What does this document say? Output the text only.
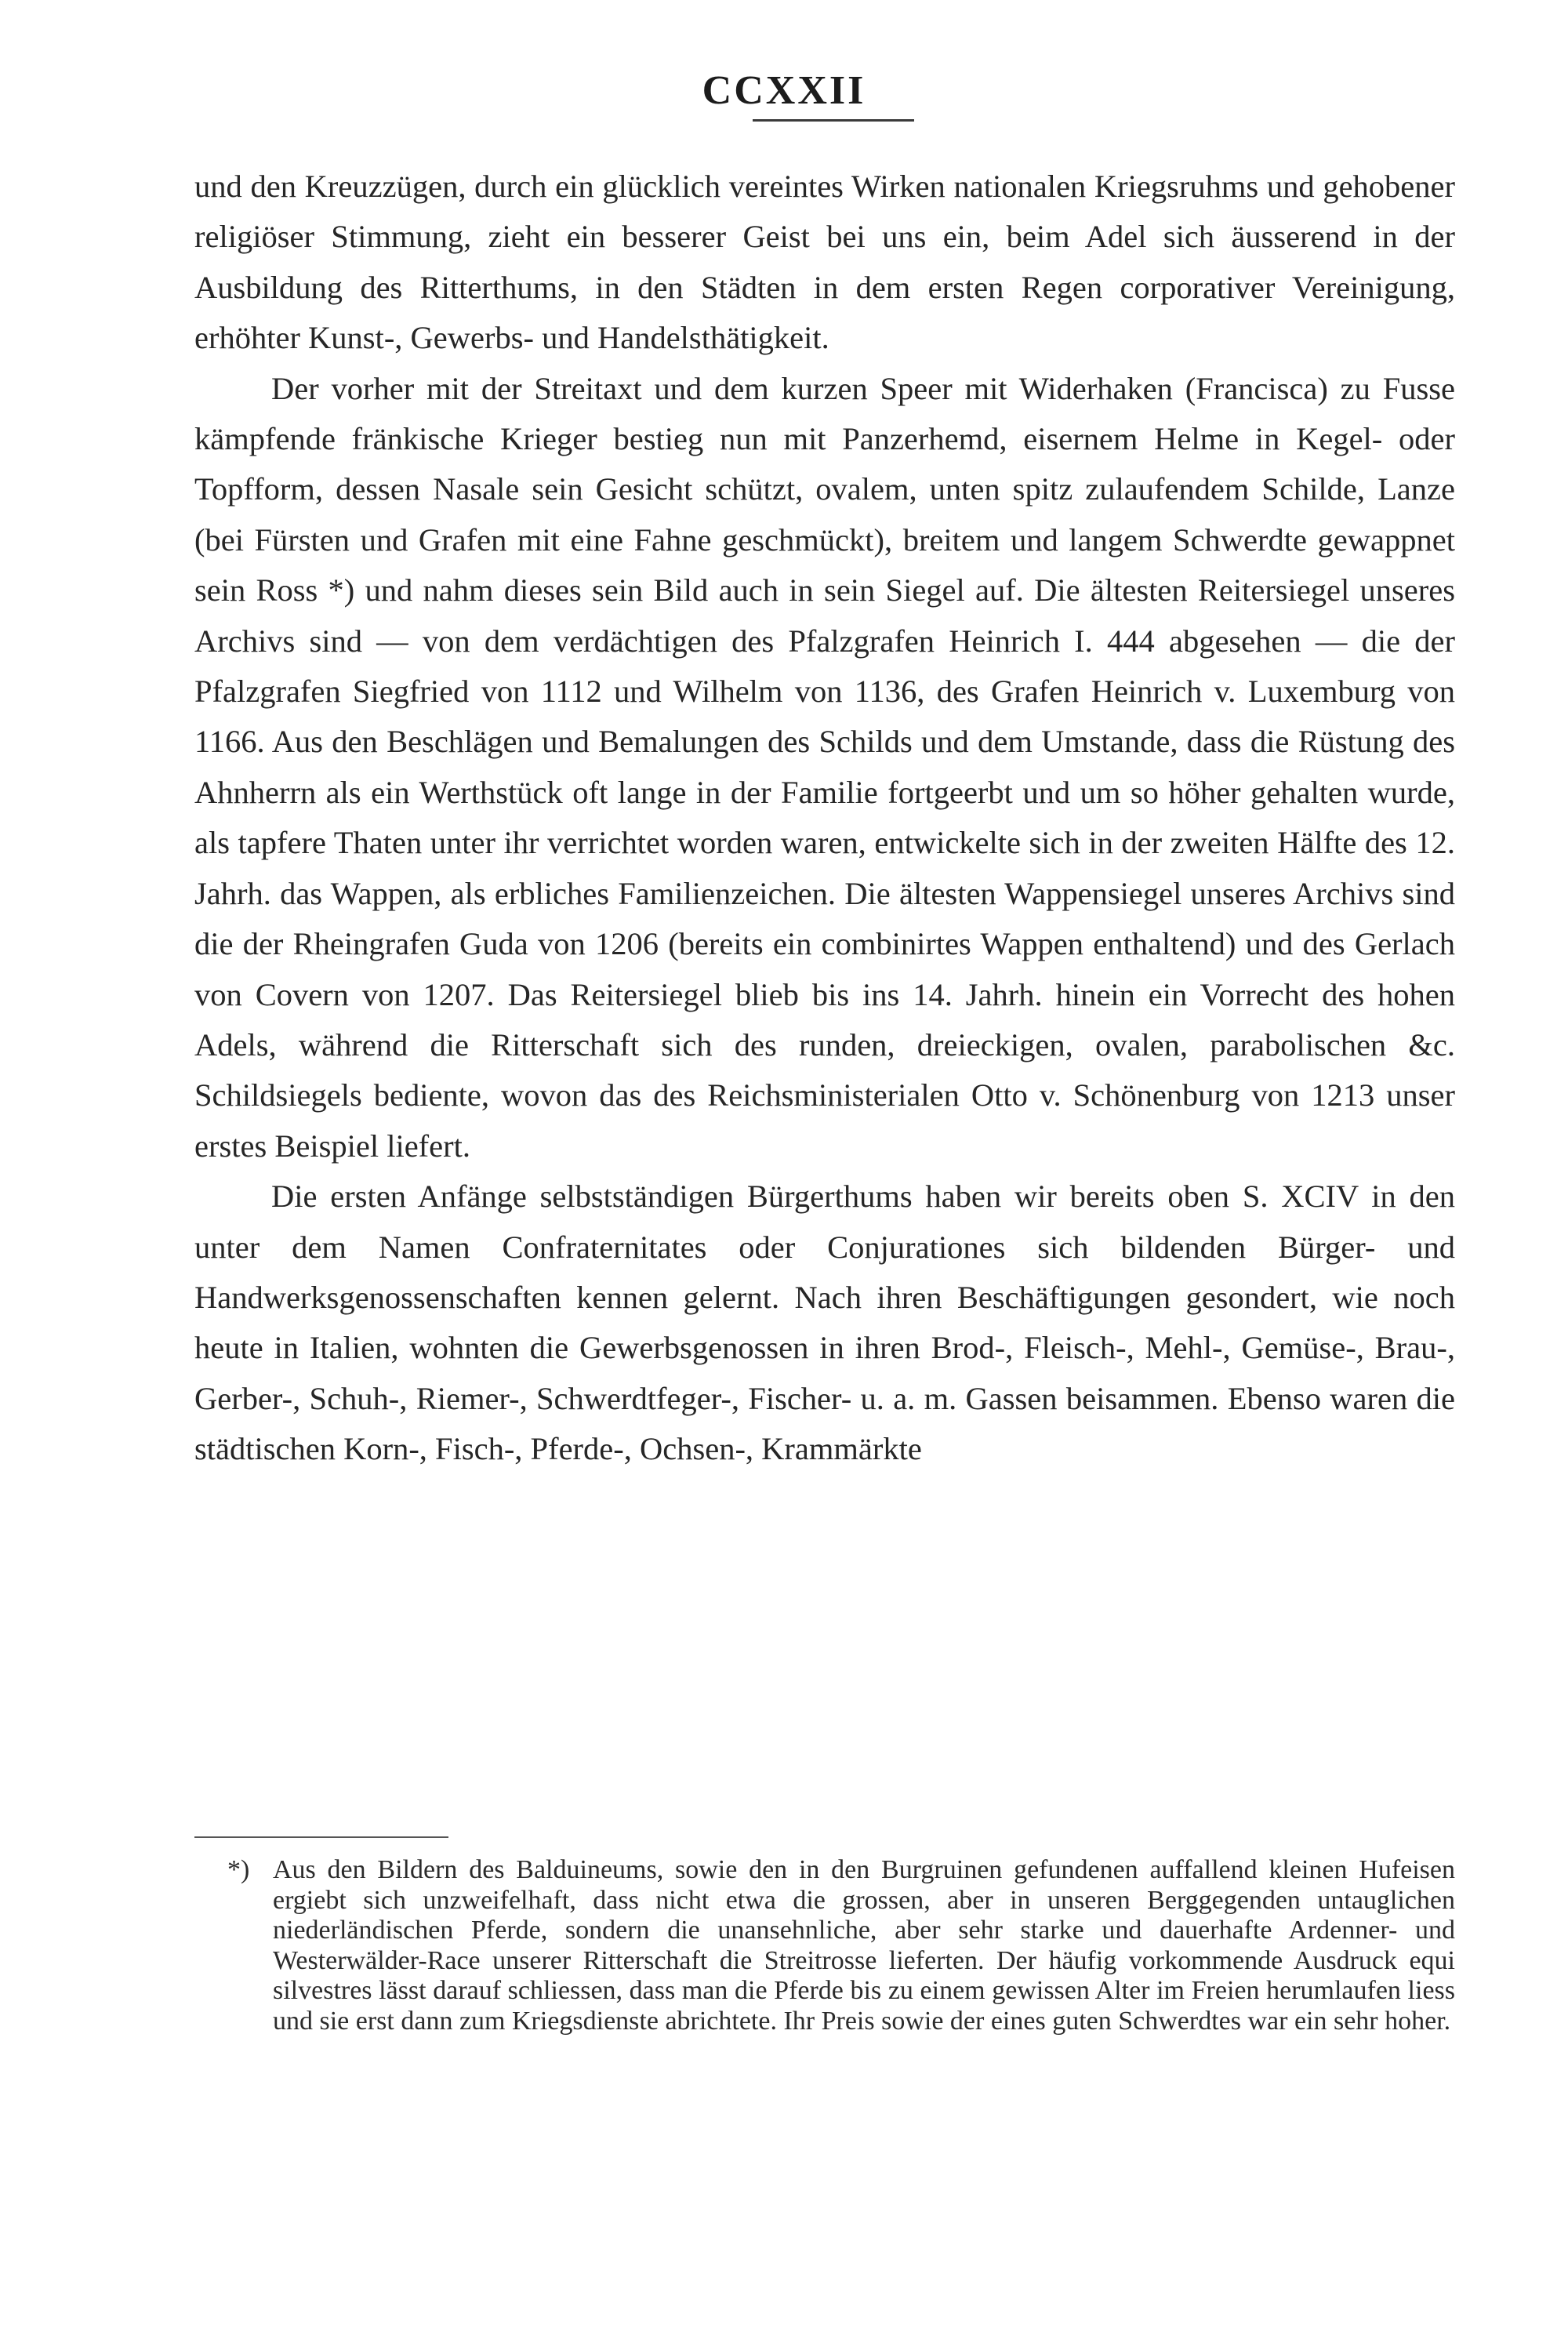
CCXXII

und den Kreuzzügen, durch ein glücklich vereintes Wirken nationalen Kriegsruhms und gehobener religiöser Stimmung, zieht ein besserer Geist bei uns ein, beim Adel sich äusserend in der Ausbildung des Ritterthums, in den Städten in dem ersten Regen corporativer Vereinigung, erhöhter Kunst-, Gewerbs- und Handelsthätigkeit.

Der vorher mit der Streitaxt und dem kurzen Speer mit Widerhaken (Francisca) zu Fusse kämpfende fränkische Krieger bestieg nun mit Panzerhemd, eisernem Helme in Kegel- oder Topfform, dessen Nasale sein Gesicht schützt, ovalem, unten spitz zulaufendem Schilde, Lanze (bei Fürsten und Grafen mit eine Fahne geschmückt), breitem und langem Schwerdte gewappnet sein Ross *) und nahm dieses sein Bild auch in sein Siegel auf. Die ältesten Reitersiegel unseres Archivs sind — von dem verdächtigen des Pfalzgrafen Heinrich I. 444 abgesehen — die der Pfalzgrafen Siegfried von 1112 und Wilhelm von 1136, des Grafen Heinrich v. Luxemburg von 1166. Aus den Beschlägen und Bemalungen des Schilds und dem Umstande, dass die Rüstung des Ahnherrn als ein Werthstück oft lange in der Familie fortgeerbt und um so höher gehalten wurde, als tapfere Thaten unter ihr verrichtet worden waren, entwickelte sich in der zweiten Hälfte des 12. Jahrh. das Wappen, als erbliches Familienzeichen. Die ältesten Wappensiegel unseres Archivs sind die der Rheingrafen Guda von 1206 (bereits ein combinirtes Wappen enthaltend) und des Gerlach von Covern von 1207. Das Reitersiegel blieb bis ins 14. Jahrh. hinein ein Vorrecht des hohen Adels, während die Ritterschaft sich des runden, dreieckigen, ovalen, parabolischen &c. Schildsiegels bediente, wovon das des Reichsministerialen Otto v. Schönenburg von 1213 unser erstes Beispiel liefert.

Die ersten Anfänge selbstständigen Bürgerthums haben wir bereits oben S. XCIV in den unter dem Namen Confraternitates oder Conjurationes sich bildenden Bürger- und Handwerksgenossenschaften kennen gelernt. Nach ihren Beschäftigungen gesondert, wie noch heute in Italien, wohnten die Gewerbsgenossen in ihren Brod-, Fleisch-, Mehl-, Gemüse-, Brau-, Gerber-, Schuh-, Riemer-, Schwerdtfeger-, Fischer- u. a. m. Gassen beisammen. Ebenso waren die städtischen Korn-, Fisch-, Pferde-, Ochsen-, Krammärkte

*) Aus den Bildern des Balduineums, sowie den in den Burgruinen gefundenen auffallend kleinen Hufeisen ergiebt sich unzweifelhaft, dass nicht etwa die grossen, aber in unseren Berggegenden untauglichen niederländischen Pferde, sondern die unansehnliche, aber sehr starke und dauerhafte Ardenner- und Westerwälder-Race unserer Ritterschaft die Streitrosse lieferten. Der häufig vorkommende Ausdruck equi silvestres lässt darauf schliessen, dass man die Pferde bis zu einem gewissen Alter im Freien herumlaufen liess und sie erst dann zum Kriegsdienste abrichtete. Ihr Preis sowie der eines guten Schwerdtes war ein sehr hoher.
